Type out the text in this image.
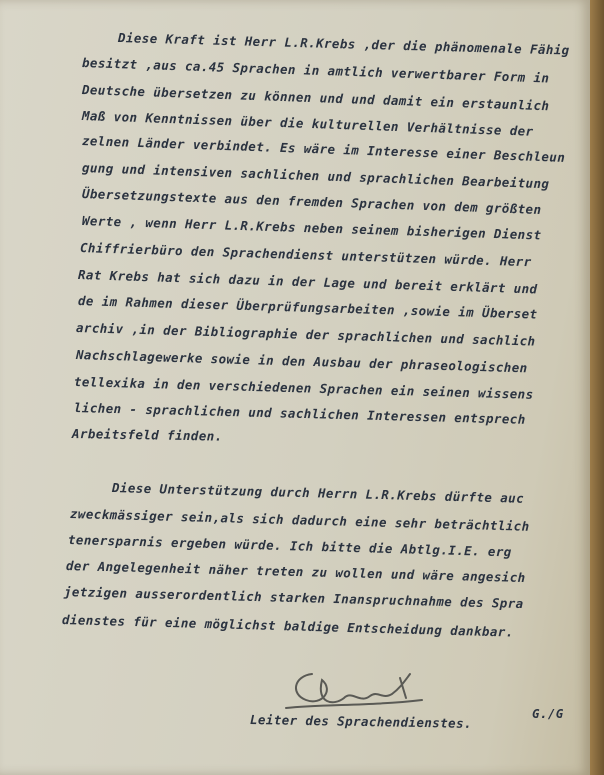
Diese Kraft ist Herr L.R.Krebs ,der die phänomenale Fähig
besitzt ,aus ca.45 Sprachen in amtlich verwertbarer Form in
Deutsche übersetzen zu können und und damit ein erstaunlich
Maß von Kenntnissen über die kulturellen Verhältnisse der
zelnen Länder verbindet. Es wäre im Interesse einer Beschleun
gung und intensiven sachlichen und sprachlichen Bearbeitung
Übersetzungstexte aus den fremden Sprachen von dem größten
Werte , wenn Herr L.R.Krebs neben seinem bisherigen Dienst
Chiffrierbüro den Sprachendienst unterstützen würde. Herr
Rat Krebs hat sich dazu in der Lage und bereit erklärt und
de im Rahmen dieser Überprüfungsarbeiten ,sowie im Überset
archiv ,in der Bibliographie der sprachlichen und sachlich
Nachschlagewerke sowie in den Ausbau der phraseologischen
tellexika in den verschiedenen Sprachen ein seinen wissens
lichen - sprachlichen und sachlichen Interessen entsprech
Arbeitsfeld finden.
Diese Unterstützung durch Herrn L.R.Krebs dürfte auc
zweckmässiger sein,als sich dadurch eine sehr beträchtlich
tenersparnis ergeben würde. Ich bitte die Abtlg.I.E. erg
der Angelegenheit näher treten zu wollen und wäre angesich
jetzigen ausserordentlich starken Inanspruchnahme des Spra
dienstes für eine möglichst baldige Entscheidung dankbar.
Leiter des Sprachendienstes.	G./G
